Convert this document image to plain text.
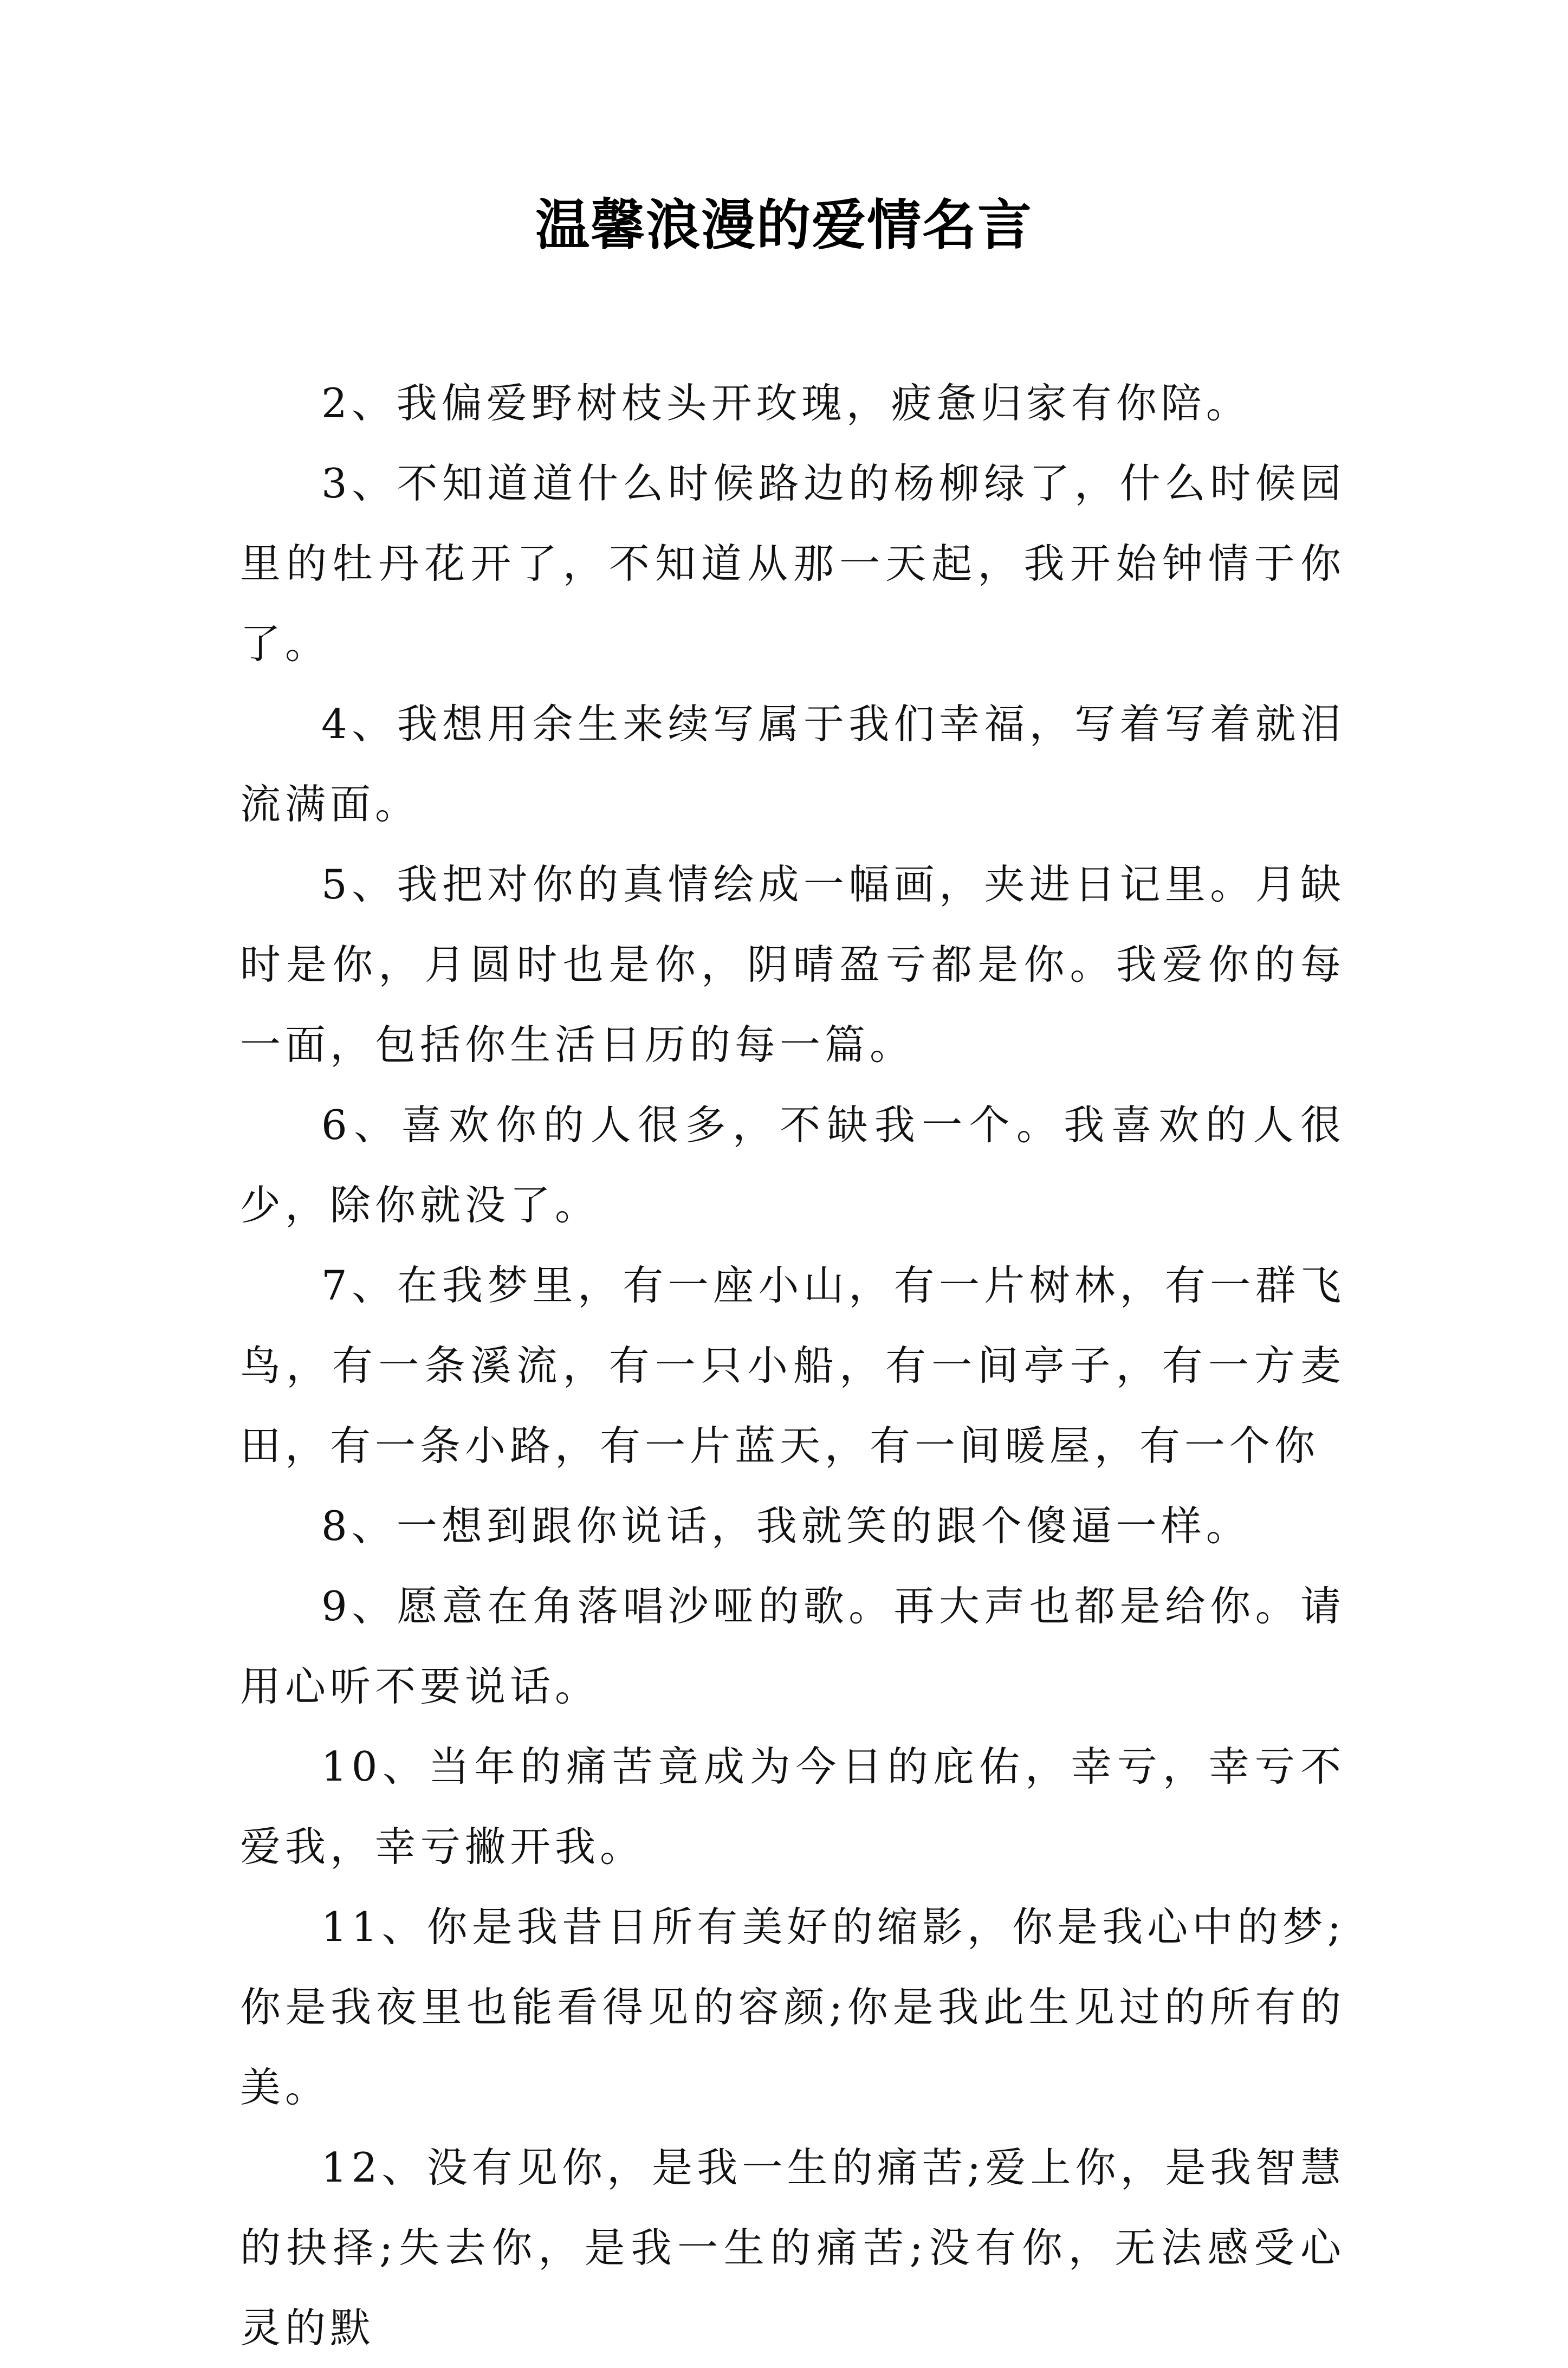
温馨浪漫的爱情名言

2、我偏爱野树枝头开玫瑰，疲惫归家有你陪。

3、不知道道什么时候路边的杨柳绿了，什么时候园里的牡丹花开了，不知道从那一天起，我开始钟情于你了。

4、我想用余生来续写属于我们幸福，写着写着就泪流满面。

5、我把对你的真情绘成一幅画，夹进日记里。月缺时是你，月圆时也是你，阴晴盈亏都是你。我爱你的每一面，包括你生活日历的每一篇。

6、喜欢你的人很多，不缺我一个。我喜欢的人很少，除你就没了。

7、在我梦里，有一座小山，有一片树林，有一群飞鸟，有一条溪流，有一只小船，有一间亭子，有一方麦田，有一条小路，有一片蓝天，有一间暖屋，有一个你

8、一想到跟你说话，我就笑的跟个傻逼一样。

9、愿意在角落唱沙哑的歌。再大声也都是给你。请用心听不要说话。

10、当年的痛苦竟成为今日的庇佑，幸亏，幸亏不爱我，幸亏撇开我。

11、你是我昔日所有美好的缩影，你是我心中的梦;你是我夜里也能看得见的容颜;你是我此生见过的所有的美。

12、没有见你，是我一生的痛苦;爱上你，是我智慧的抉择;失去你，是我一生的痛苦;没有你，无法感受心灵的默
